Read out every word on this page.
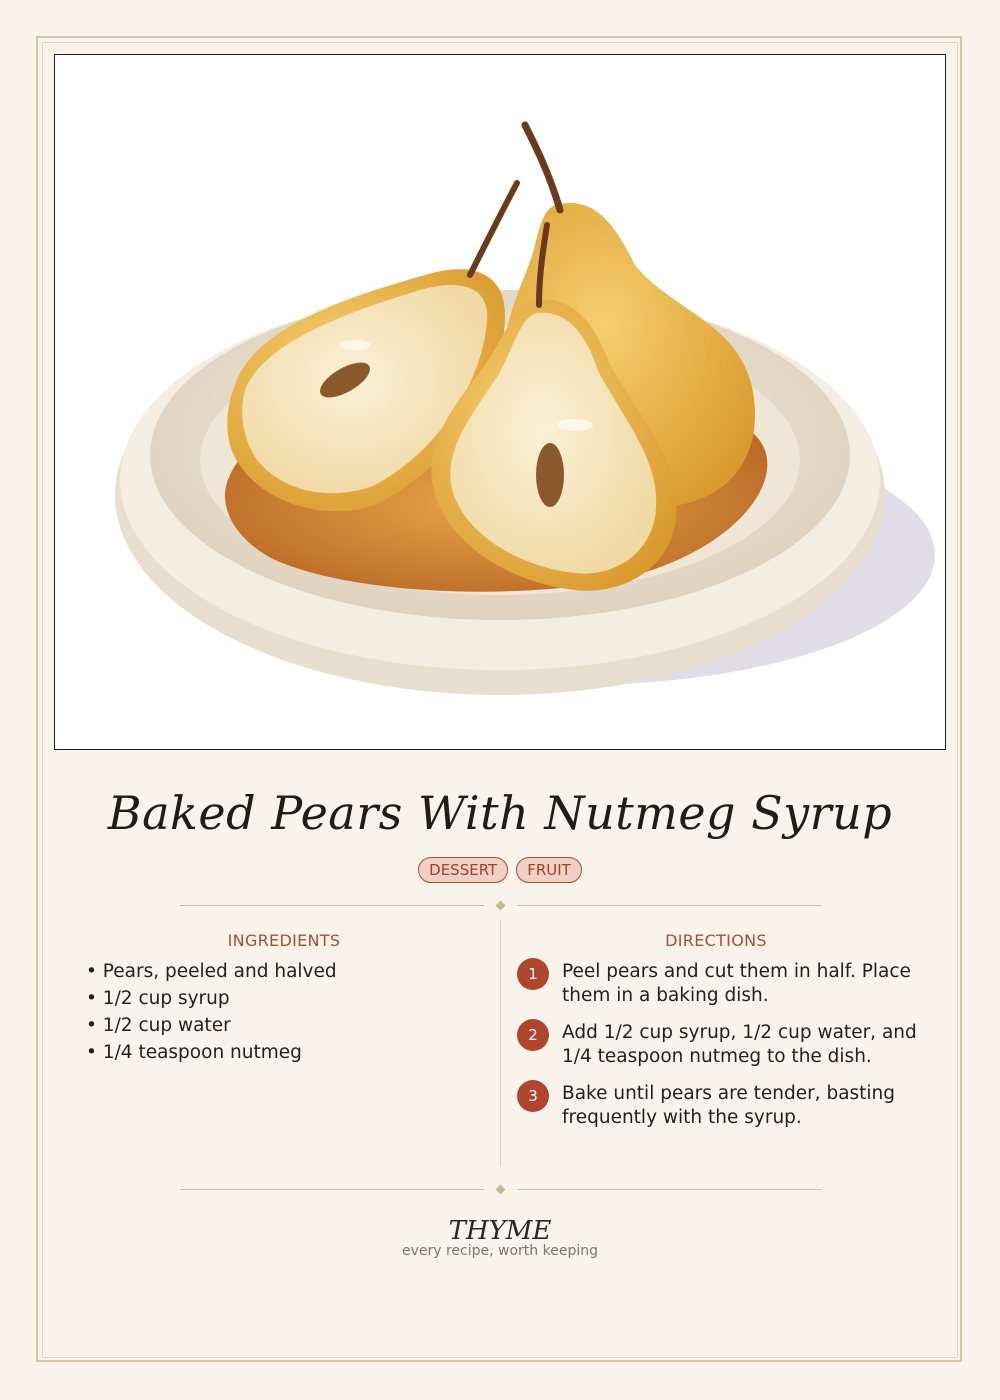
Baked Pears With Nutmeg Syrup
DESSERT	FRUIT
INGREDIENTS
• Pears, peeled and halved
• 1/2 cup syrup
• 1/2 cup water
• 1/4 teaspoon nutmeg
DIRECTIONS
1	Peel pears and cut them in half. Place them in a baking dish.
2	Add 1/2 cup syrup, 1/2 cup water, and 1/4 teaspoon nutmeg to the dish.
3	Bake until pears are tender, basting frequently with the syrup.
THYME
every recipe, worth keeping
